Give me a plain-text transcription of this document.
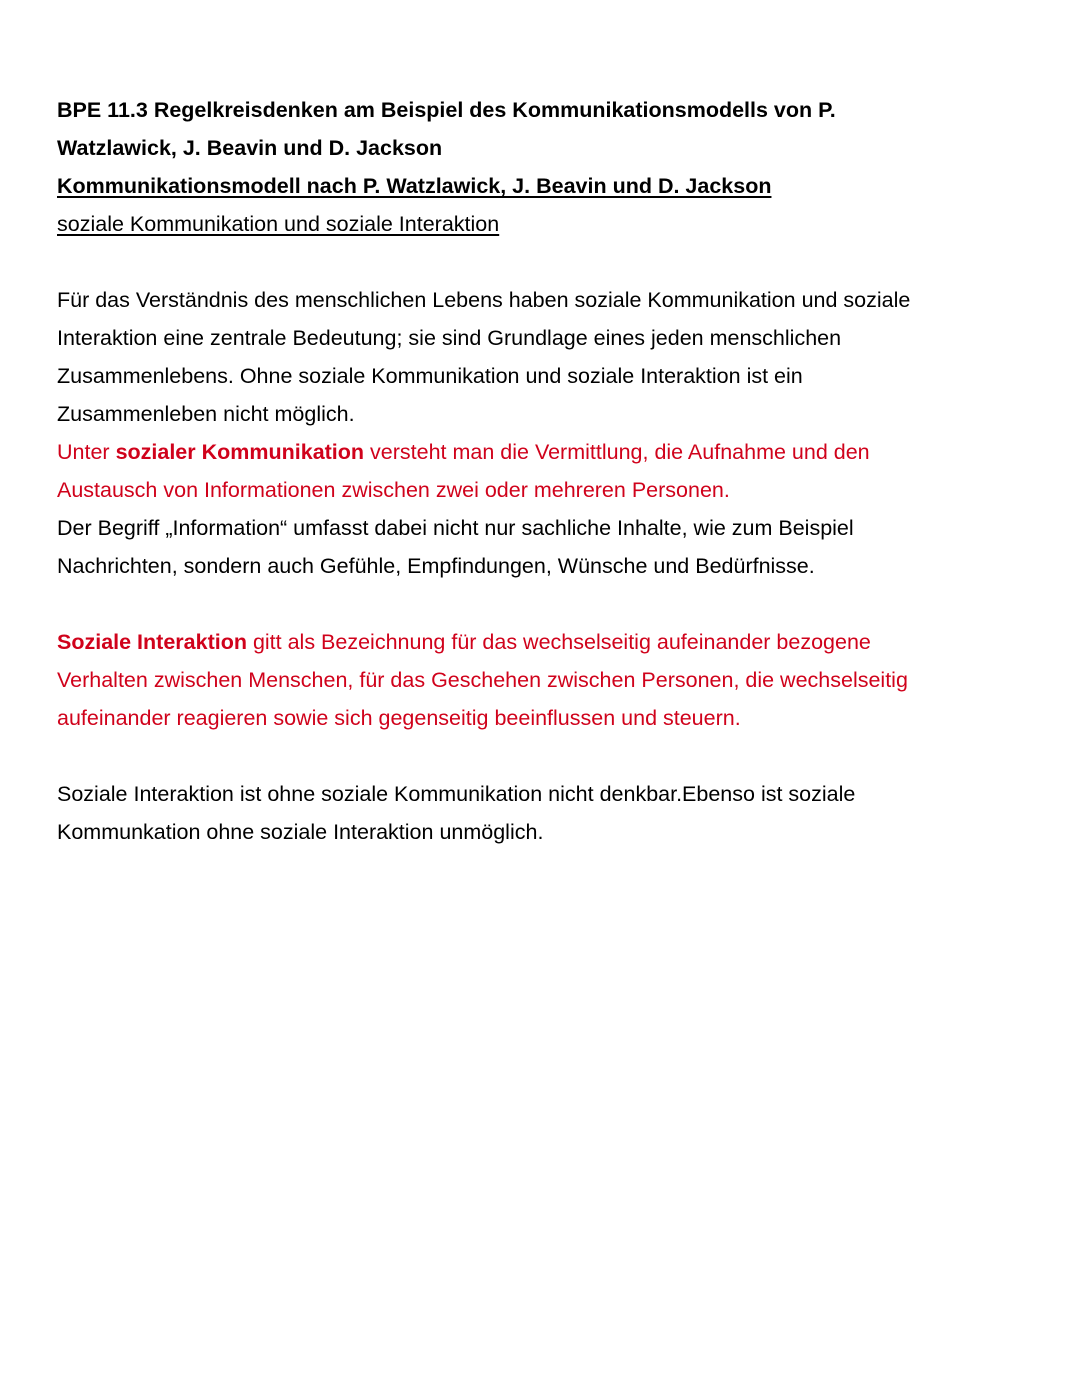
BPE 11.3 Regelkreisdenken am Beispiel des Kommunikationsmodells von P.
Watzlawick, J. Beavin und D. Jackson
Kommunikationsmodell nach P. Watzlawick, J. Beavin und D. Jackson
soziale Kommunikation und soziale Interaktion
Für das Verständnis des menschlichen Lebens haben soziale Kommunikation und soziale
Interaktion eine zentrale Bedeutung; sie sind Grundlage eines jeden menschlichen
Zusammenlebens. Ohne soziale Kommunikation und soziale Interaktion ist ein
Zusammenleben nicht möglich.
Unter sozialer Kommunikation versteht man die Vermittlung, die Aufnahme und den
Austausch von Informationen zwischen zwei oder mehreren Personen.
Der Begriff „Information“ umfasst dabei nicht nur sachliche Inhalte, wie zum Beispiel
Nachrichten, sondern auch Gefühle, Empfindungen, Wünsche und Bedürfnisse.
Soziale Interaktion gitt als Bezeichnung für das wechselseitig aufeinander bezogene
Verhalten zwischen Menschen, für das Geschehen zwischen Personen, die wechselseitig
aufeinander reagieren sowie sich gegenseitig beeinflussen und steuern.
Soziale Interaktion ist ohne soziale Kommunikation nicht denkbar.Ebenso ist soziale
Kommunkation ohne soziale Interaktion unmöglich.
